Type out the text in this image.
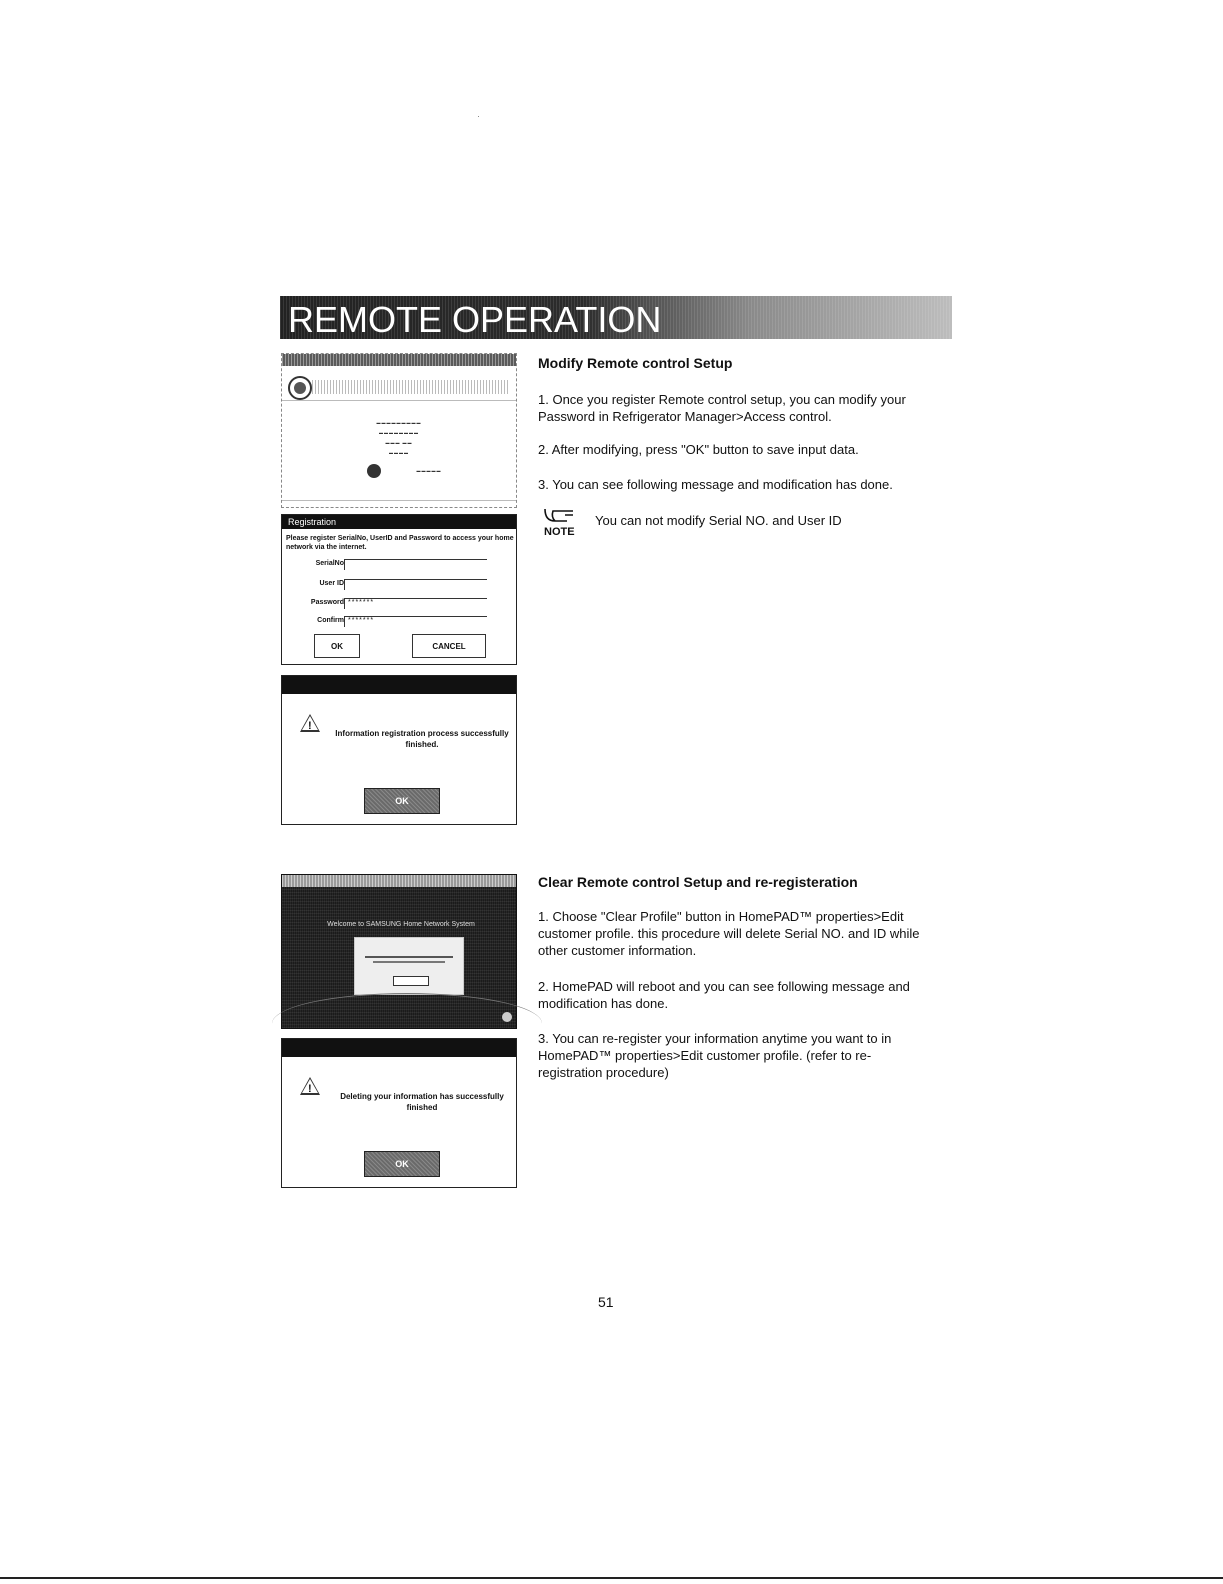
REMOTE OPERATION
▬▬▬▬▬▬▬▬▬
▬▬▬▬▬▬▬▬
▬▬▬ ▬▬
▬▬▬▬
▬▬▬▬▬
Registration
Please register SerialNo, UserID and Password to access your home network via the internet.
SerialNo
User ID
Password *******
Confirm *******
OK	CANCEL
!
Information registration process successfully finished.
OK
Welcome to SAMSUNG Home Network System
!
Deleting your information has successfully finished
OK
Modify Remote control Setup
1. Once you register Remote control setup, you can modify your Password in Refrigerator Manager>Access control.
2. After modifying, press "OK" button to save input data.
3. You can see following message and modification has done.
NOTE
You can not modify Serial NO. and User ID
Clear Remote control Setup and re-registeration
1. Choose "Clear Profile" button in HomePAD™ properties>Edit customer profile. this procedure will delete Serial NO. and ID while other customer information.
2. HomePAD will reboot and you can see following message and modification has done.
3. You can re-register your information anytime you want to in HomePAD™ properties>Edit customer profile. (refer to re-registration procedure)
51
